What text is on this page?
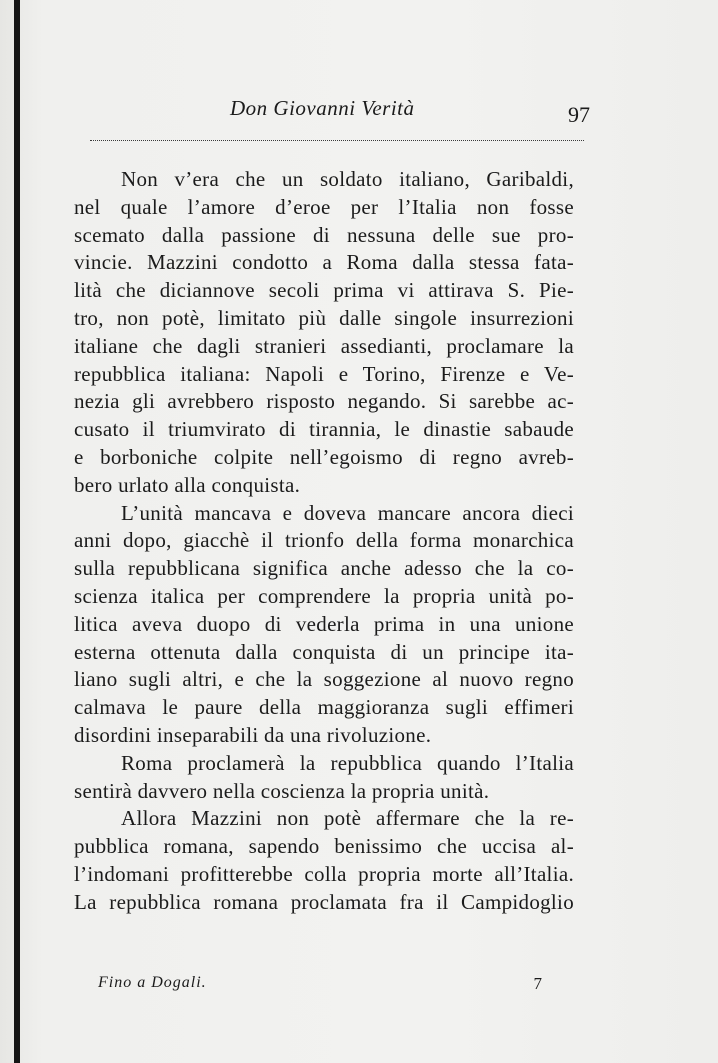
Don Giovanni Verità	97
Non v’era che un soldato italiano, Garibaldi,
nel quale l’amore d’eroe per l’Italia non fosse
scemato dalla passione di nessuna delle sue pro-
vincie. Mazzini condotto a Roma dalla stessa fata-
lità che diciannove secoli prima vi attirava S. Pie-
tro, non potè, limitato più dalle singole insurrezioni
italiane che dagli stranieri assedianti, proclamare la
repubblica italiana: Napoli e Torino, Firenze e Ve-
nezia gli avrebbero risposto negando. Si sarebbe ac-
cusato il triumvirato di tirannia, le dinastie sabaude
e borboniche colpite nell’egoismo di regno avreb-
bero urlato alla conquista.
L’unità mancava e doveva mancare ancora dieci
anni dopo, giacchè il trionfo della forma monarchica
sulla repubblicana significa anche adesso che la co-
scienza italica per comprendere la propria unità po-
litica aveva duopo di vederla prima in una unione
esterna ottenuta dalla conquista di un principe ita-
liano sugli altri, e che la soggezione al nuovo regno
calmava le paure della maggioranza sugli effimeri
disordini inseparabili da una rivoluzione.
Roma proclamerà la repubblica quando l’Italia
sentirà davvero nella coscienza la propria unità.
Allora Mazzini non potè affermare che la re-
pubblica romana, sapendo benissimo che uccisa al-
l’indomani profitterebbe colla propria morte all’Italia.
La repubblica romana proclamata fra il Campidoglio
Fino a Dogali.	7
